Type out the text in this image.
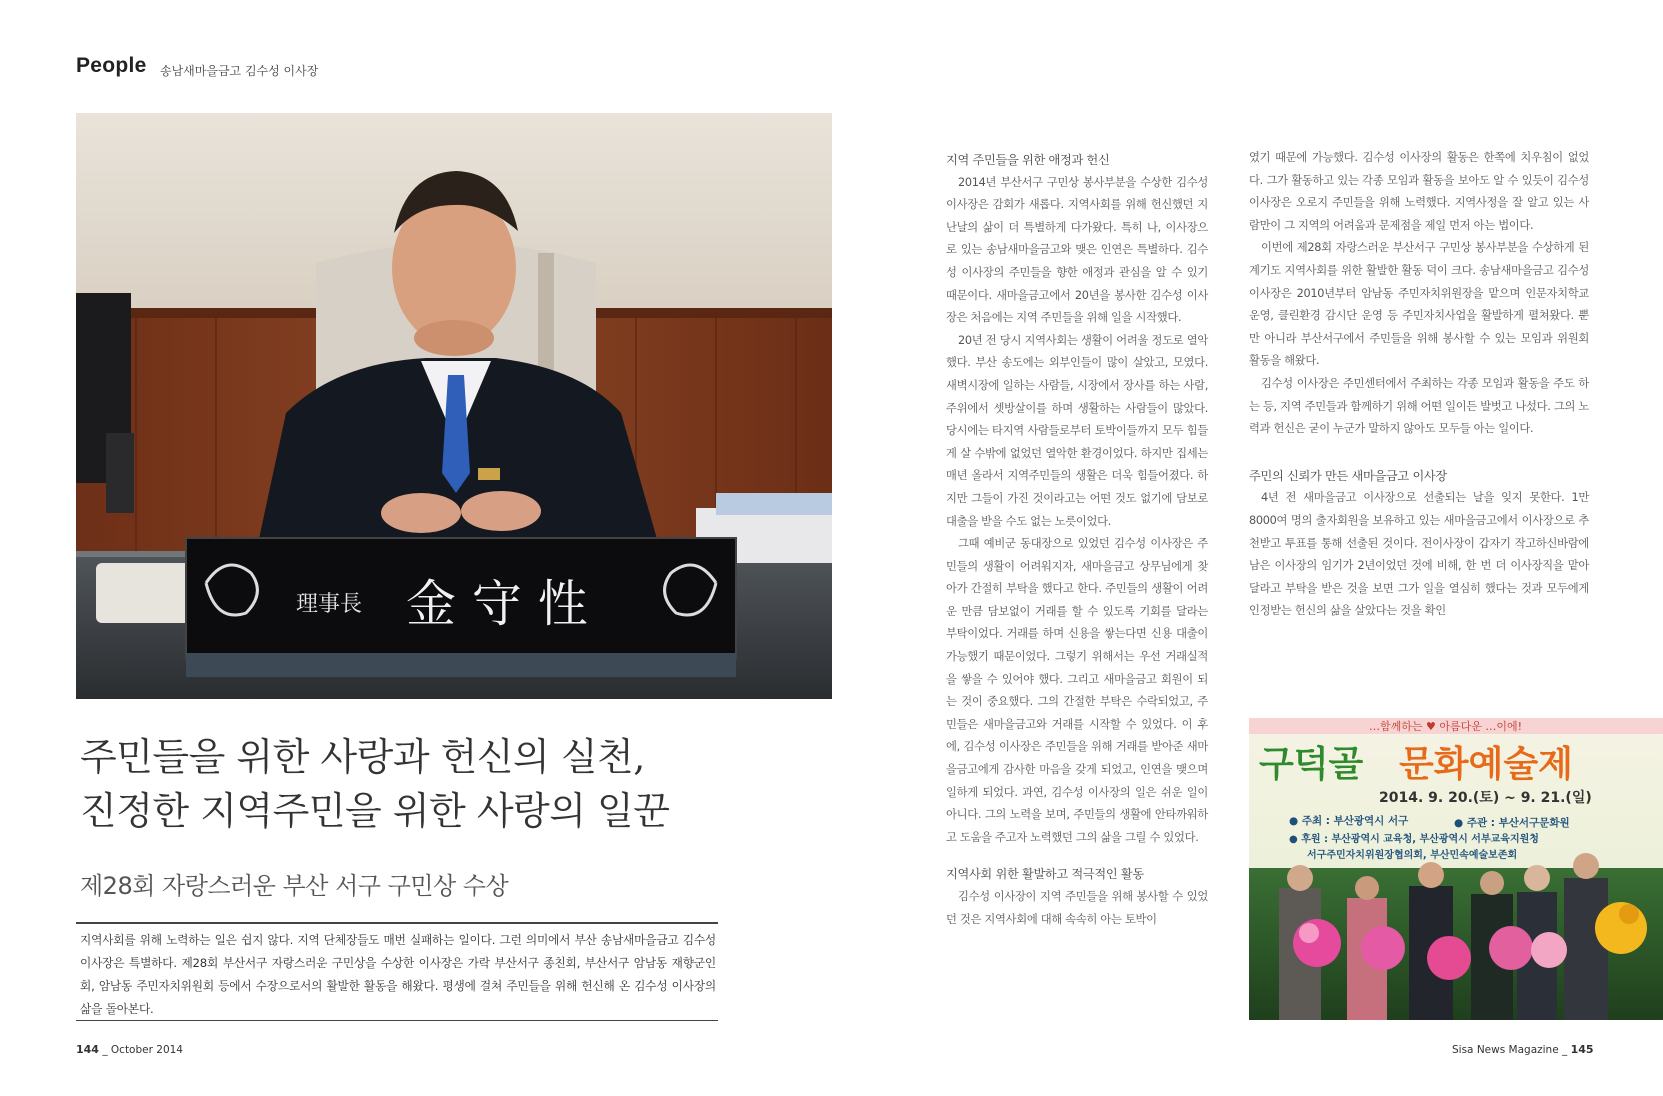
People 송남새마을금고 김수성 이사장
理事長 金 守 性
주민들을 위한 사랑과 헌신의 실천,
진정한 지역주민을 위한 사랑의 일꾼
제28회 자랑스러운 부산 서구 구민상 수상
지역사회를 위해 노력하는 일은 쉽지 않다. 지역 단체장들도 매번 실패하는 일이다. 그런 의미에서 부산 송남새마을금고 김수성 이사장은 특별하다. 제28회 부산서구 자랑스러운 구민상을 수상한 이사장은 가락 부산서구 종친회, 부산서구 암남동 재향군인회, 암남동 주민자치위원회 등에서 수장으로서의 활발한 활동을 해왔다. 평생에 걸쳐 주민들을 위해 헌신해 온 김수성 이사장의 삶을 돌아본다.
지역 주민들을 위한 애정과 헌신

2014년 부산서구 구민상 봉사부분을 수상한 김수성 이사장은 감회가 새롭다. 지역사회를 위해 헌신했던 지난날의 삶이 더 특별하게 다가왔다. 특히 나, 이사장으로 있는 송남새마을금고와 맺은 인연은 특별하다. 김수성 이사장의 주민들을 향한 애정과 관심을 알 수 있기 때문이다. 새마을금고에서 20년을 봉사한 김수성 이사장은 처음에는 지역 주민들을 위해 일을 시작했다.

20년 전 당시 지역사회는 생활이 어려울 정도로 열악했다. 부산 송도에는 외부인들이 많이 살았고, 모였다. 새벽시장에 일하는 사람들, 시장에서 장사를 하는 사람, 주위에서 셋방살이를 하며 생활하는 사람들이 많았다. 당시에는 타지역 사람들로부터 토박이들까지 모두 힘들게 살 수밖에 없었던 열악한 환경이었다. 하지만 집세는 매년 올라서 지역주민들의 생활은 더욱 힘들어졌다. 하지만 그들이 가진 것이라고는 어떤 것도 없기에 담보로 대출을 받을 수도 없는 노릇이었다.

그때 예비군 동대장으로 있었던 김수성 이사장은 주민들의 생활이 어려워지자, 새마을금고 상무님에게 찾아가 간절히 부탁을 했다고 한다. 주민들의 생활이 어려운 만큼 담보없이 거래를 할 수 있도록 기회를 달라는 부탁이었다. 거래를 하며 신용을 쌓는다면 신용 대출이 가능했기 때문이었다. 그렇기 위해서는 우선 거래실적을 쌓을 수 있어야 했다. 그리고 새마을금고 회원이 되는 것이 중요했다. 그의 간절한 부탁은 수락되었고, 주민들은 새마을금고와 거래를 시작할 수 있었다. 이 후에, 김수성 이사장은 주민들을 위해 거래를 받아준 새마을금고에게 감사한 마음을 갖게 되었고, 인연을 맺으며 일하게 되었다. 과연, 김수성 이사장의 일은 쉬운 일이 아니다. 그의 노력을 보며, 주민들의 생활에 안타까워하고 도움을 주고자 노력했던 그의 삶을 그릴 수 있었다.

지역사회 위한 활발하고 적극적인 활동

김수성 이사장이 지역 주민들을 위해 봉사할 수 있었던 것은 지역사회에 대해 속속히 아는 토박이

였기 때문에 가능했다. 김수성 이사장의 활동은 한쪽에 치우침이 없었다. 그가 활동하고 있는 각종 모임과 활동을 보아도 알 수 있듯이 김수성 이사장은 오로지 주민들을 위해 노력했다. 지역사정을 잘 알고 있는 사람만이 그 지역의 어려움과 문제점을 제일 먼저 아는 법이다.

이번에 제28회 자랑스러운 부산서구 구민상 봉사부분을 수상하게 된 계기도 지역사회를 위한 활발한 활동 덕이 크다. 송남새마을금고 김수성 이사장은 2010년부터 암남동 주민자치위원장을 맡으며 인문자치학교 운영, 클린환경 감시단 운영 등 주민자치사업을 활발하게 펼쳐왔다. 뿐만 아니라 부산서구에서 주민들을 위해 봉사할 수 있는 모임과 위원회 활동을 해왔다.

김수성 이사장은 주민센터에서 주최하는 각종 모임과 활동을 주도 하는 등, 지역 주민들과 함께하기 위해 어떤 일이든 발벗고 나섰다. 그의 노력과 헌신은 굳이 누군가 말하지 않아도 모두들 아는 일이다.

주민의 신뢰가 만든 새마을금고 이사장

4년 전 새마을금고 이사장으로 선출되는 날을 잊지 못한다. 1만 8000여 명의 출자회원을 보유하고 있는 새마을금고에서 이사장으로 추천받고 투표를 통해 선출된 것이다. 전이사장이 갑자기 작고하신바람에 남은 이사장의 임기가 2년이었던 것에 비해, 한 번 더 이사장직을 맡아달라고 부탁을 받은 것을 보면 그가 일을 열심히 했다는 것과 모두에게 인정받는 헌신의 삶을 살았다는 것을 확인

…함께하는 ♥ 아름다운 …이에!
구덕골 문화예술제
2014. 9. 20.(토) ~ 9. 21.(일)
● 주최 : 부산광역시 서구	● 주관 : 부산서구문화원
● 후원 : 부산광역시 교육청, 부산광역시 서부교육지원청
서구주민자치위원장협의회, 부산민속예술보존회
144 _ October 2014	Sisa News Magazine _ 145
